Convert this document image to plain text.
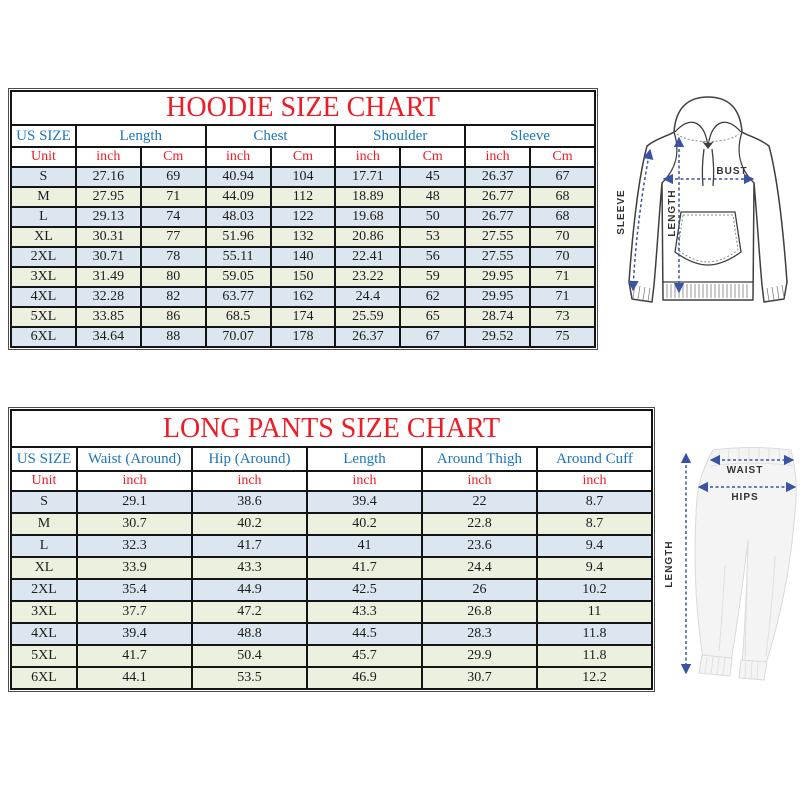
HOODIE SIZE CHART								
US SIZE	Length		Chest		Shoulder		Sleeve	
Unit	inch	Cm	inch	Cm	inch	Cm	inch	Cm
S	27.16	69	40.94	104	17.71	45	26.37	67
M	27.95	71	44.09	112	18.89	48	26.77	68
L	29.13	74	48.03	122	19.68	50	26.77	68
XL	30.31	77	51.96	132	20.86	53	27.55	70
2XL	30.71	78	55.11	140	22.41	56	27.55	70
3XL	31.49	80	59.05	150	23.22	59	29.95	71
4XL	32.28	82	63.77	162	24.4	62	29.95	71
5XL	33.85	86	68.5	174	25.59	65	28.74	73
6XL	34.64	88	70.07	178	26.37	67	29.52	75
LONG PANTS SIZE CHART					
US SIZE	Waist (Around)	Hip (Around)	Length	Around Thigh	Around Cuff
Unit	inch	inch	inch	inch	inch
S	29.1	38.6	39.4	22	8.7
M	30.7	40.2	40.2	22.8	8.7
L	32.3	41.7	41	23.6	9.4
XL	33.9	43.3	41.7	24.4	9.4
2XL	35.4	44.9	42.5	26	10.2
3XL	37.7	47.2	43.3	26.8	11
4XL	39.4	48.8	44.5	28.3	11.8
5XL	41.7	50.4	45.7	29.9	11.8
6XL	44.1	53.5	46.9	30.7	12.2
BUST
LENGTH
SLEEVE
WAIST
HIPS
LENGTH
